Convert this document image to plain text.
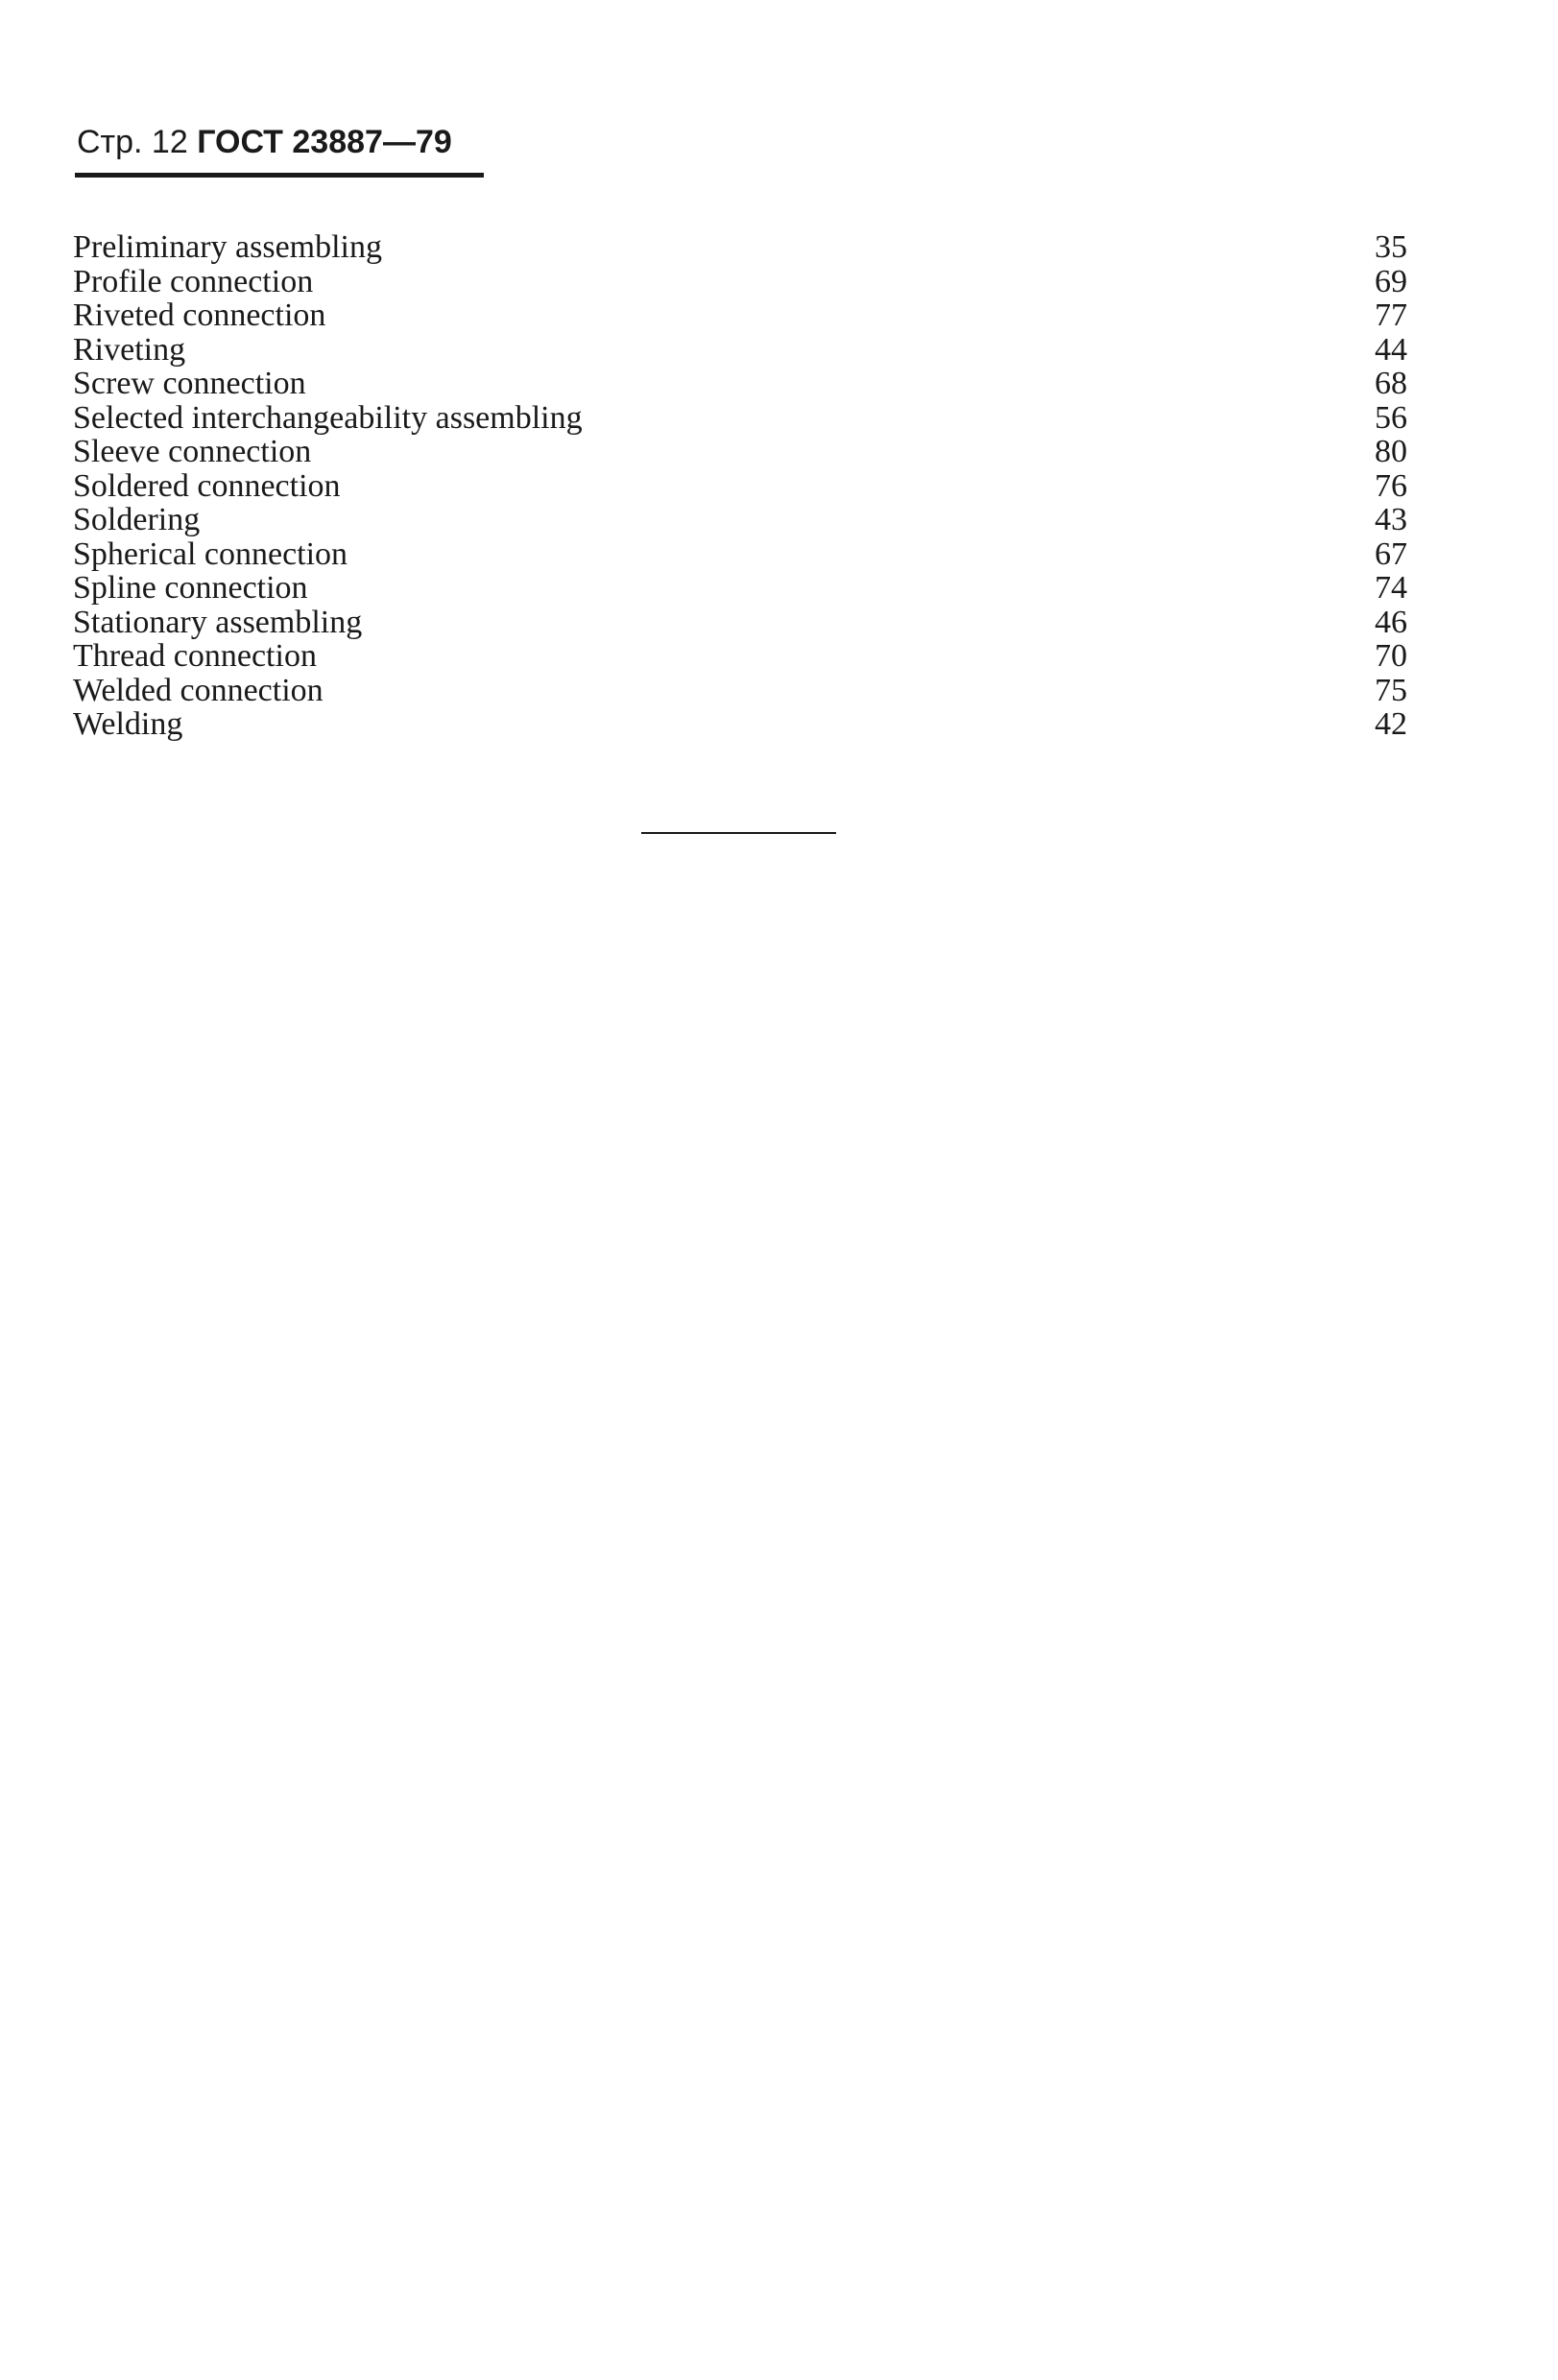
Стр. 12 ГОСТ 23887—79
Preliminary assembling	35
Profile connection	69
Riveted connection	77
Riveting	44
Screw connection	68
Selected interchangeability assembling	56
Sleeve connection	80
Soldered connection	76
Soldering	43
Spherical connection	67
Spline connection	74
Stationary assembling	46
Thread connection	70
Welded connection	75
Welding	42
